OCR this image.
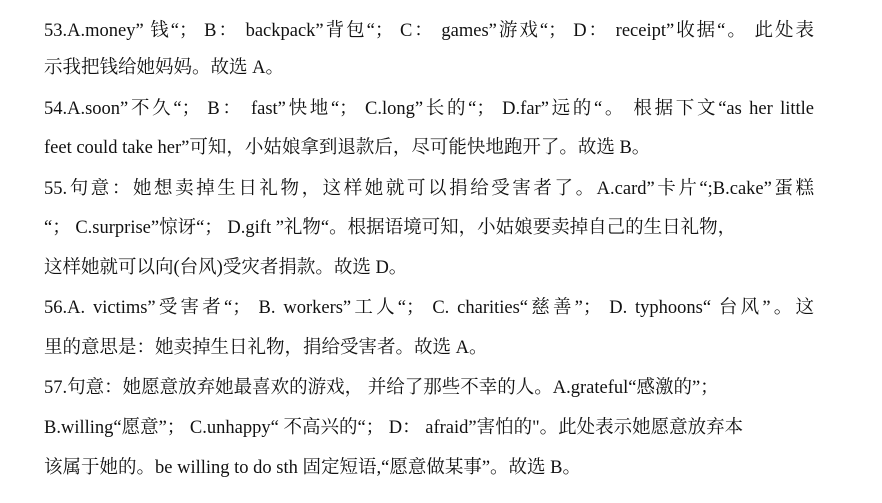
53.A.money” 钱“； B： backpack”背包“； C： games”游戏“； D： receipt”收据“。 此处表
示我把钱给她妈妈。故选 A。
54.A.soon”不久“； B： fast”快地“； C.long”长的“； D.far”远的“。 根据下文“as her little
feet could take her”可知，小姑娘拿到退款后，尽可能快地跑开了。故选 B。
55.句意：她想卖掉生日礼物，这样她就可以捐给受害者了。A.card”卡片“;B.cake”蛋糕
“； C.surprise”惊讶“； D.gift ”礼物“。根据语境可知，小姑娘要卖掉自己的生日礼物，
这样她就可以向(台风)受灾者捐款。故选 D。
56.A. victims”受害者“； B. workers”工人“； C. charities“慈善”； D. typhoons“ 台风”。这
里的意思是：她卖掉生日礼物，捐给受害者。故选 A。
57.句意：她愿意放弃她最喜欢的游戏， 并给了那些不幸的人。A.grateful“感激的”；
B.willing“愿意”； C.unhappy“ 不高兴的“； D： afraid”害怕的"。此处表示她愿意放弃本
该属于她的。be willing to do sth 固定短语,“愿意做某事”。故选 B。
